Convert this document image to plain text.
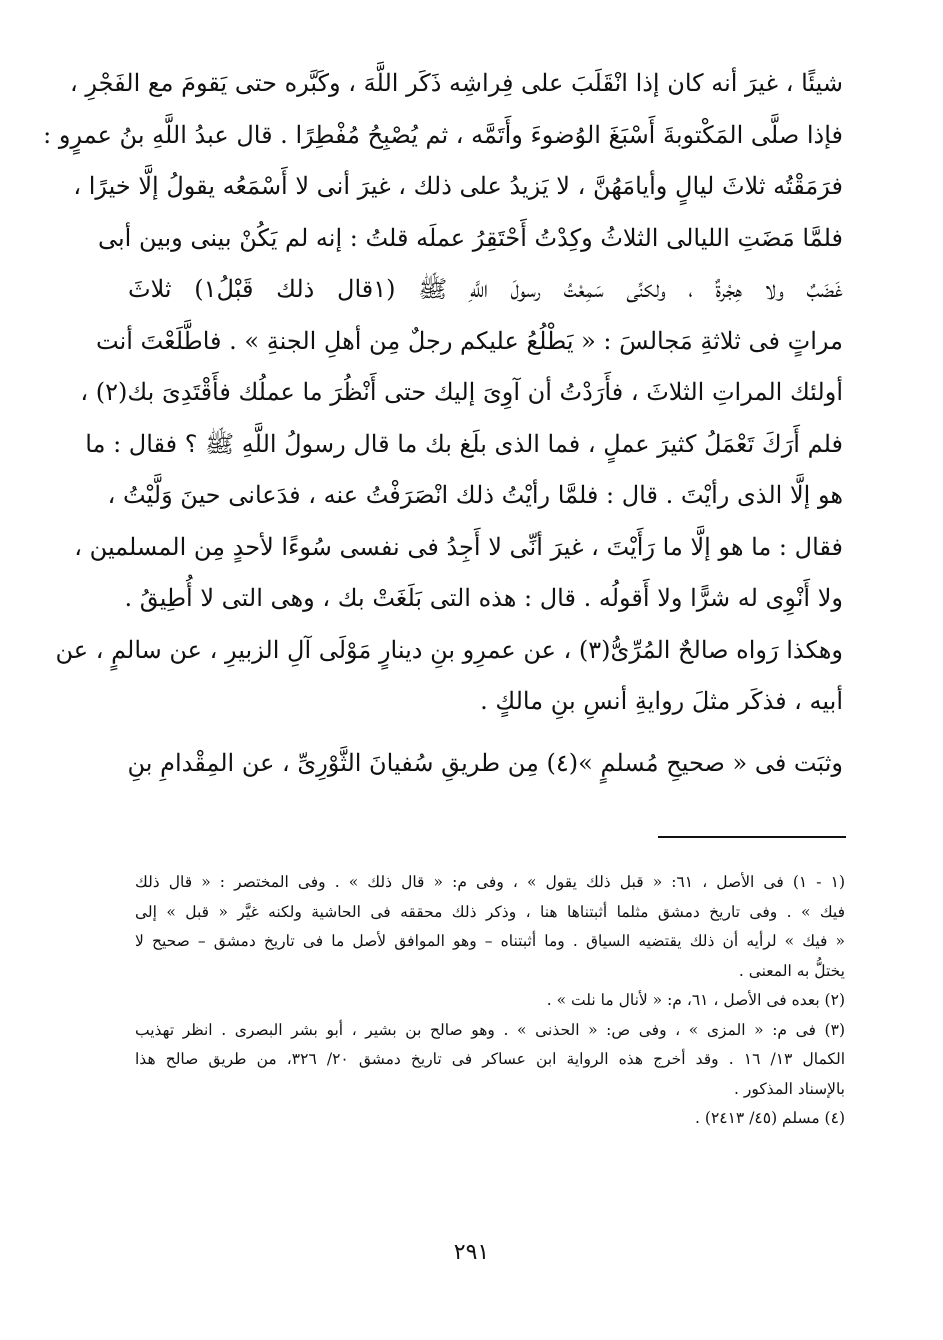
شيئًا ، غيرَ أنه كان إذا انْقَلَبَ على فِراشِه ذَكَر اللَّهَ ، وكَبَّره حتى يَقومَ مع الفَجْرِ ،
فإذا صلَّى المَكْتوبةَ أَسْبَغَ الوُضوءَ وأَتَمَّه ، ثم يُصْبِحُ مُفْطِرًا . قال عبدُ اللَّهِ بنُ عمرٍو :
فرَمَقْتُه ثلاثَ ليالٍ وأيامَهُنَّ ، لا يَزيدُ على ذلك ، غيرَ أنى لا أَسْمَعُه يقولُ إلَّا خيرًا ،
فلمَّا مَضَتِ الليالى الثلاثُ وكِدْتُ أَحْتَقِرُ عملَه قلتُ : إنه لم يَكُنْ بينى وبين أبى
غَضَبٌ ولا هِجْرةٌ ، ولكنِّى سَمِعْتُ رسولَ اللَّهِ ﷺ (١قال ذلك قَبْلُ١) ثلاثَ
مراتٍ فى ثلاثةِ مَجالسَ : « يَطْلُعُ عليكم رجلٌ مِن أهلِ الجنةِ » . فاطَّلَعْتَ أنت
أولئك المراتِ الثلاثَ ، فأَرَدْتُ أن آوِىَ إليك حتى أَنْظُرَ ما عملُك فأَقْتَدِىَ بك(٢) ،
فلم أَرَكَ تَعْمَلُ كثيرَ عملٍ ، فما الذى بلَغ بك ما قال رسولُ اللَّهِ ﷺ ؟ فقال : ما
هو إلَّا الذى رأيْتَ . قال : فلمَّا رأيْتُ ذلك انْصَرَفْتُ عنه ، فدَعانى حينَ وَلَّيْتُ ،
فقال : ما هو إلَّا ما رَأَيْتَ ، غيرَ أنِّى لا أَجِدُ فى نفسى سُوءًا لأحدٍ مِن المسلمين ،
ولا أَنْوِى له شرًّا ولا أَقولُه . قال : هذه التى بَلَغَتْ بك ، وهى التى لا أُطِيقُ .
وهكذا رَواه صالحٌ المُرِّىُّ(٣) ، عن عمرِو بنِ دينارٍ مَوْلَى آلِ الزبيرِ ، عن سالمٍ ، عن
أبيه ، فذكَر مثلَ روايةِ أنسِ بنِ مالكٍ .
وثبَت فى « صحيحِ مُسلمٍ »(٤) مِن طريقِ سُفيانَ الثَّوْرِىِّ ، عن المِقْدامِ بنِ
(١ - ١) فى الأصل ، ٦١: « قبل ذلك يقول » ، وفى م: « قال ذلك » . وفى المختصر : « قال ذلك
فيك » . وفى تاريخ دمشق مثلما أثبتناها هنا ، وذكر ذلك محققه فى الحاشية ولكنه غيَّر « قبل » إلى
« فيك » لرأيه أن ذلك يقتضيه السياق . وما أثبتناه – وهو الموافق لأصل ما فى تاريخ دمشق – صحيح لا
يختلُّ به المعنى .
(٢) بعده فى الأصل ، ٦١، م: « لأنال ما نلت » .
(٣) فى م: « المزى » ، وفى ص: « الحذنى » . وهو صالح بن بشير ، أبو بشر البصرى . انظر تهذيب
الكمال ١٣/ ١٦ . وقد أخرج هذه الرواية ابن عساكر فى تاريخ دمشق ٢٠/ ٣٢٦، من طريق صالح هذا
بالإسناد المذكور .
(٤) مسلم (٤٥/ ٢٤١٣) .
٢٩١
